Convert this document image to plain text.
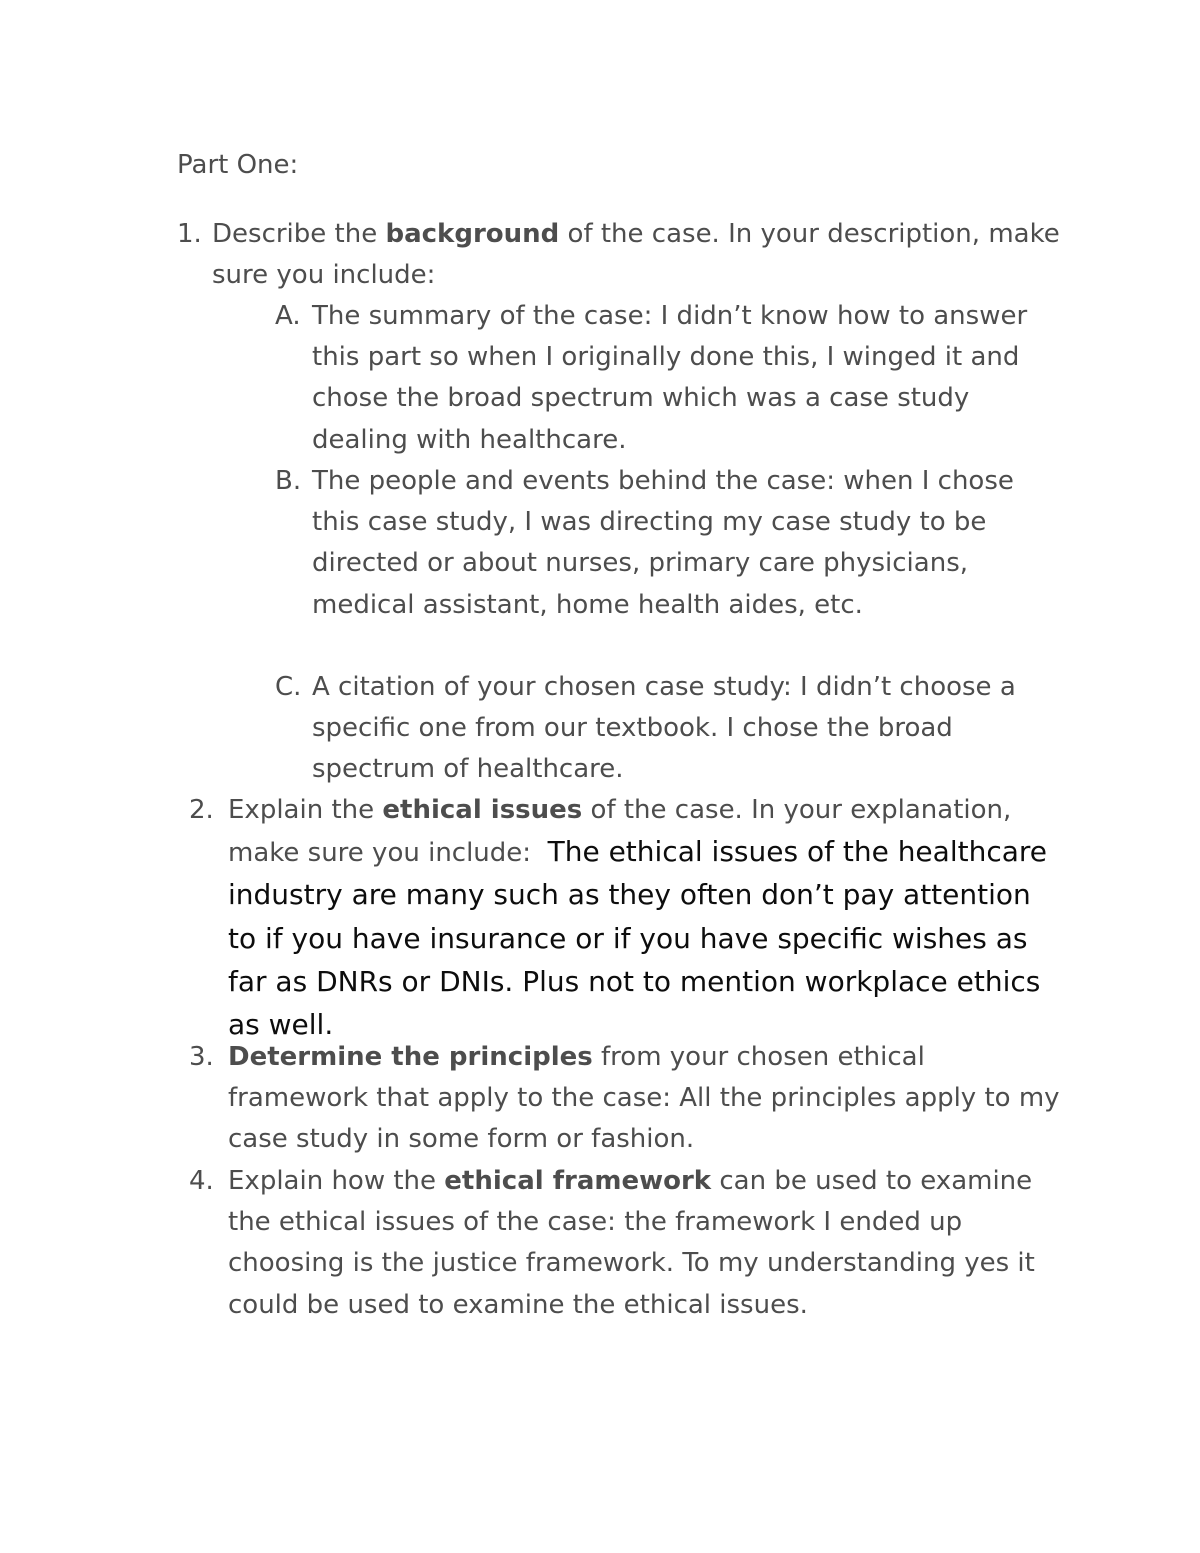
Part One:

1. Describe the background of the case. In your description, make sure you include:

A. The summary of the case: I didn’t know how to answer this part so when I originally done this, I winged it and chose the broad spectrum which was a case study dealing with healthcare.

B. The people and events behind the case: when I chose this case study, I was directing my case study to be directed or about nurses, primary care physicians, medical assistant, home health aides, etc.

C. A citation of your chosen case study: I didn’t choose a specific one from our textbook. I chose the broad spectrum of healthcare.

2. Explain the ethical issues of the case. In your explanation, make sure you include: The ethical issues of the healthcare industry are many such as they often don’t pay attention to if you have insurance or if you have specific wishes as far as DNRs or DNIs. Plus not to mention workplace ethics as well.

3. Determine the principles from your chosen ethical framework that apply to the case: All the principles apply to my case study in some form or fashion.

4. Explain how the ethical framework can be used to examine the ethical issues of the case: the framework I ended up choosing is the justice framework. To my understanding yes it could be used to examine the ethical issues.
